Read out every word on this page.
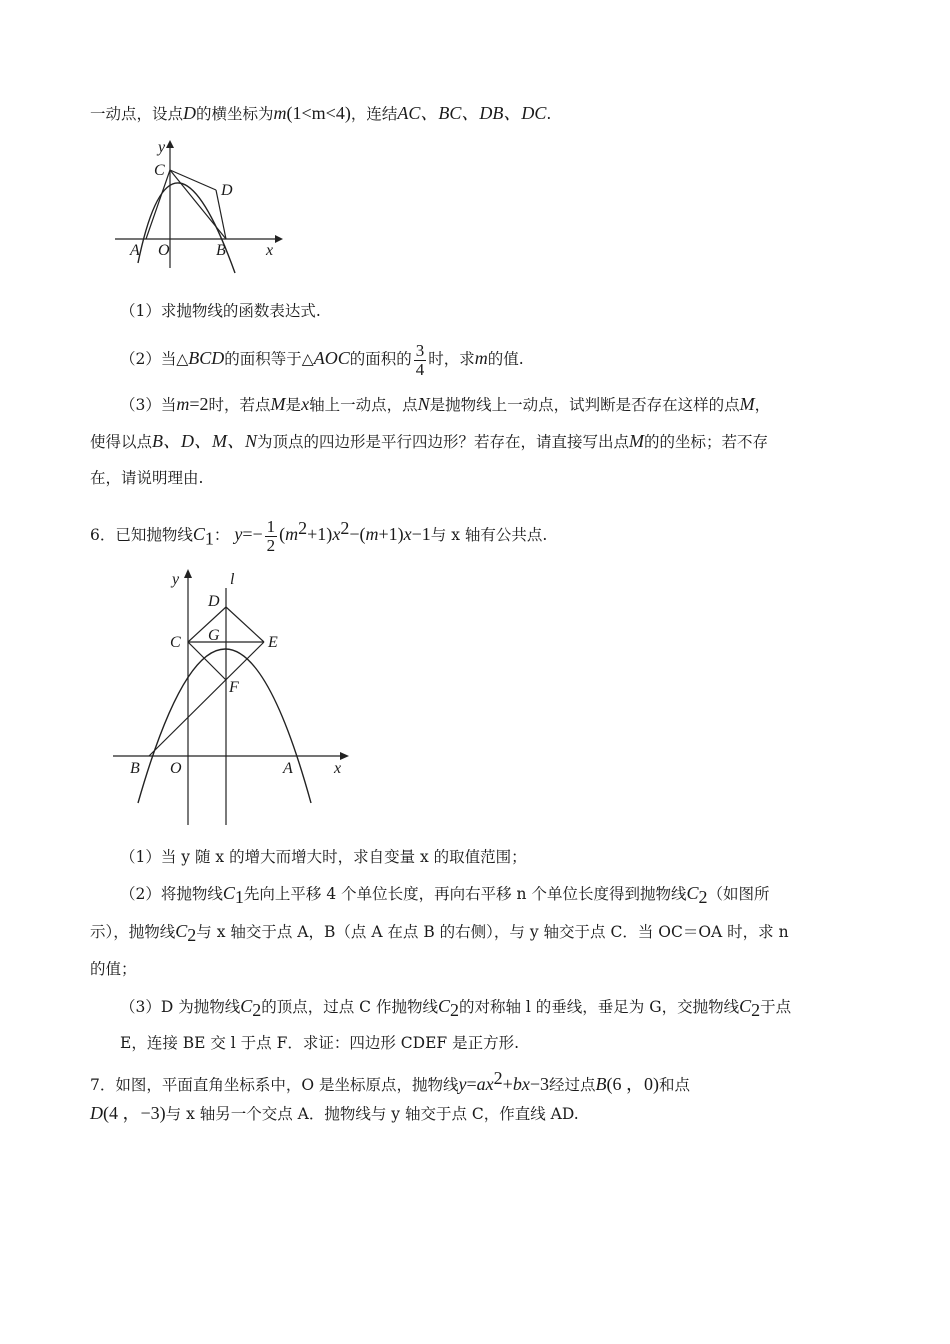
一动点，设点D的横坐标为m(1<m<4)，连结AC、BC、DB、DC.
y
C
D
A O	B	x
（1）求抛物线的函数表达式.
（2）当△BCD的面积等于△AOC的面积的 $\frac{3}{4}$ 时，求m的值.
（3）当m=2时，若点M是x轴上一动点，点N是抛物线上一动点，试判断是否存在这样的点M，
使得以点B、D、M、N为顶点的四边形是平行四边形？若存在，请直接写出点M的的坐标；若不存
在，请说明理由.
6．已知抛物线$C_1$： $y=- \frac{1}{2} (m^2+1)x^2-(m+1)x-1$与 x 轴有公共点.
y	l
D
C G	E
F
B O	A	x
（1）当 y 随 x 的增大而增大时，求自变量 x 的取值范围；
（2）将抛物线$C_1$先向上平移 4 个单位长度，再向右平移 n 个单位长度得到抛物线$C_2$（如图所
示），抛物线$C_2$与 x 轴交于点 A，B（点 A 在点 B 的右侧），与 y 轴交于点 C．当 OC＝OA 时，求 n
的值；
（3）D 为抛物线$C_2$的顶点，过点 C 作抛物线$C_2$的对称轴 l 的垂线，垂足为 G，交抛物线$C_2$于点
E，连接 BE 交 l 于点 F．求证：四边形 CDEF 是正方形.
7．如图，平面直角坐标系中，O 是坐标原点，抛物线$y=ax^2+bx-3$经过点B(6 ，0)和点
D(4 ，−3)与 x 轴另一个交点 A．抛物线与 y 轴交于点 C，作直线 AD.
